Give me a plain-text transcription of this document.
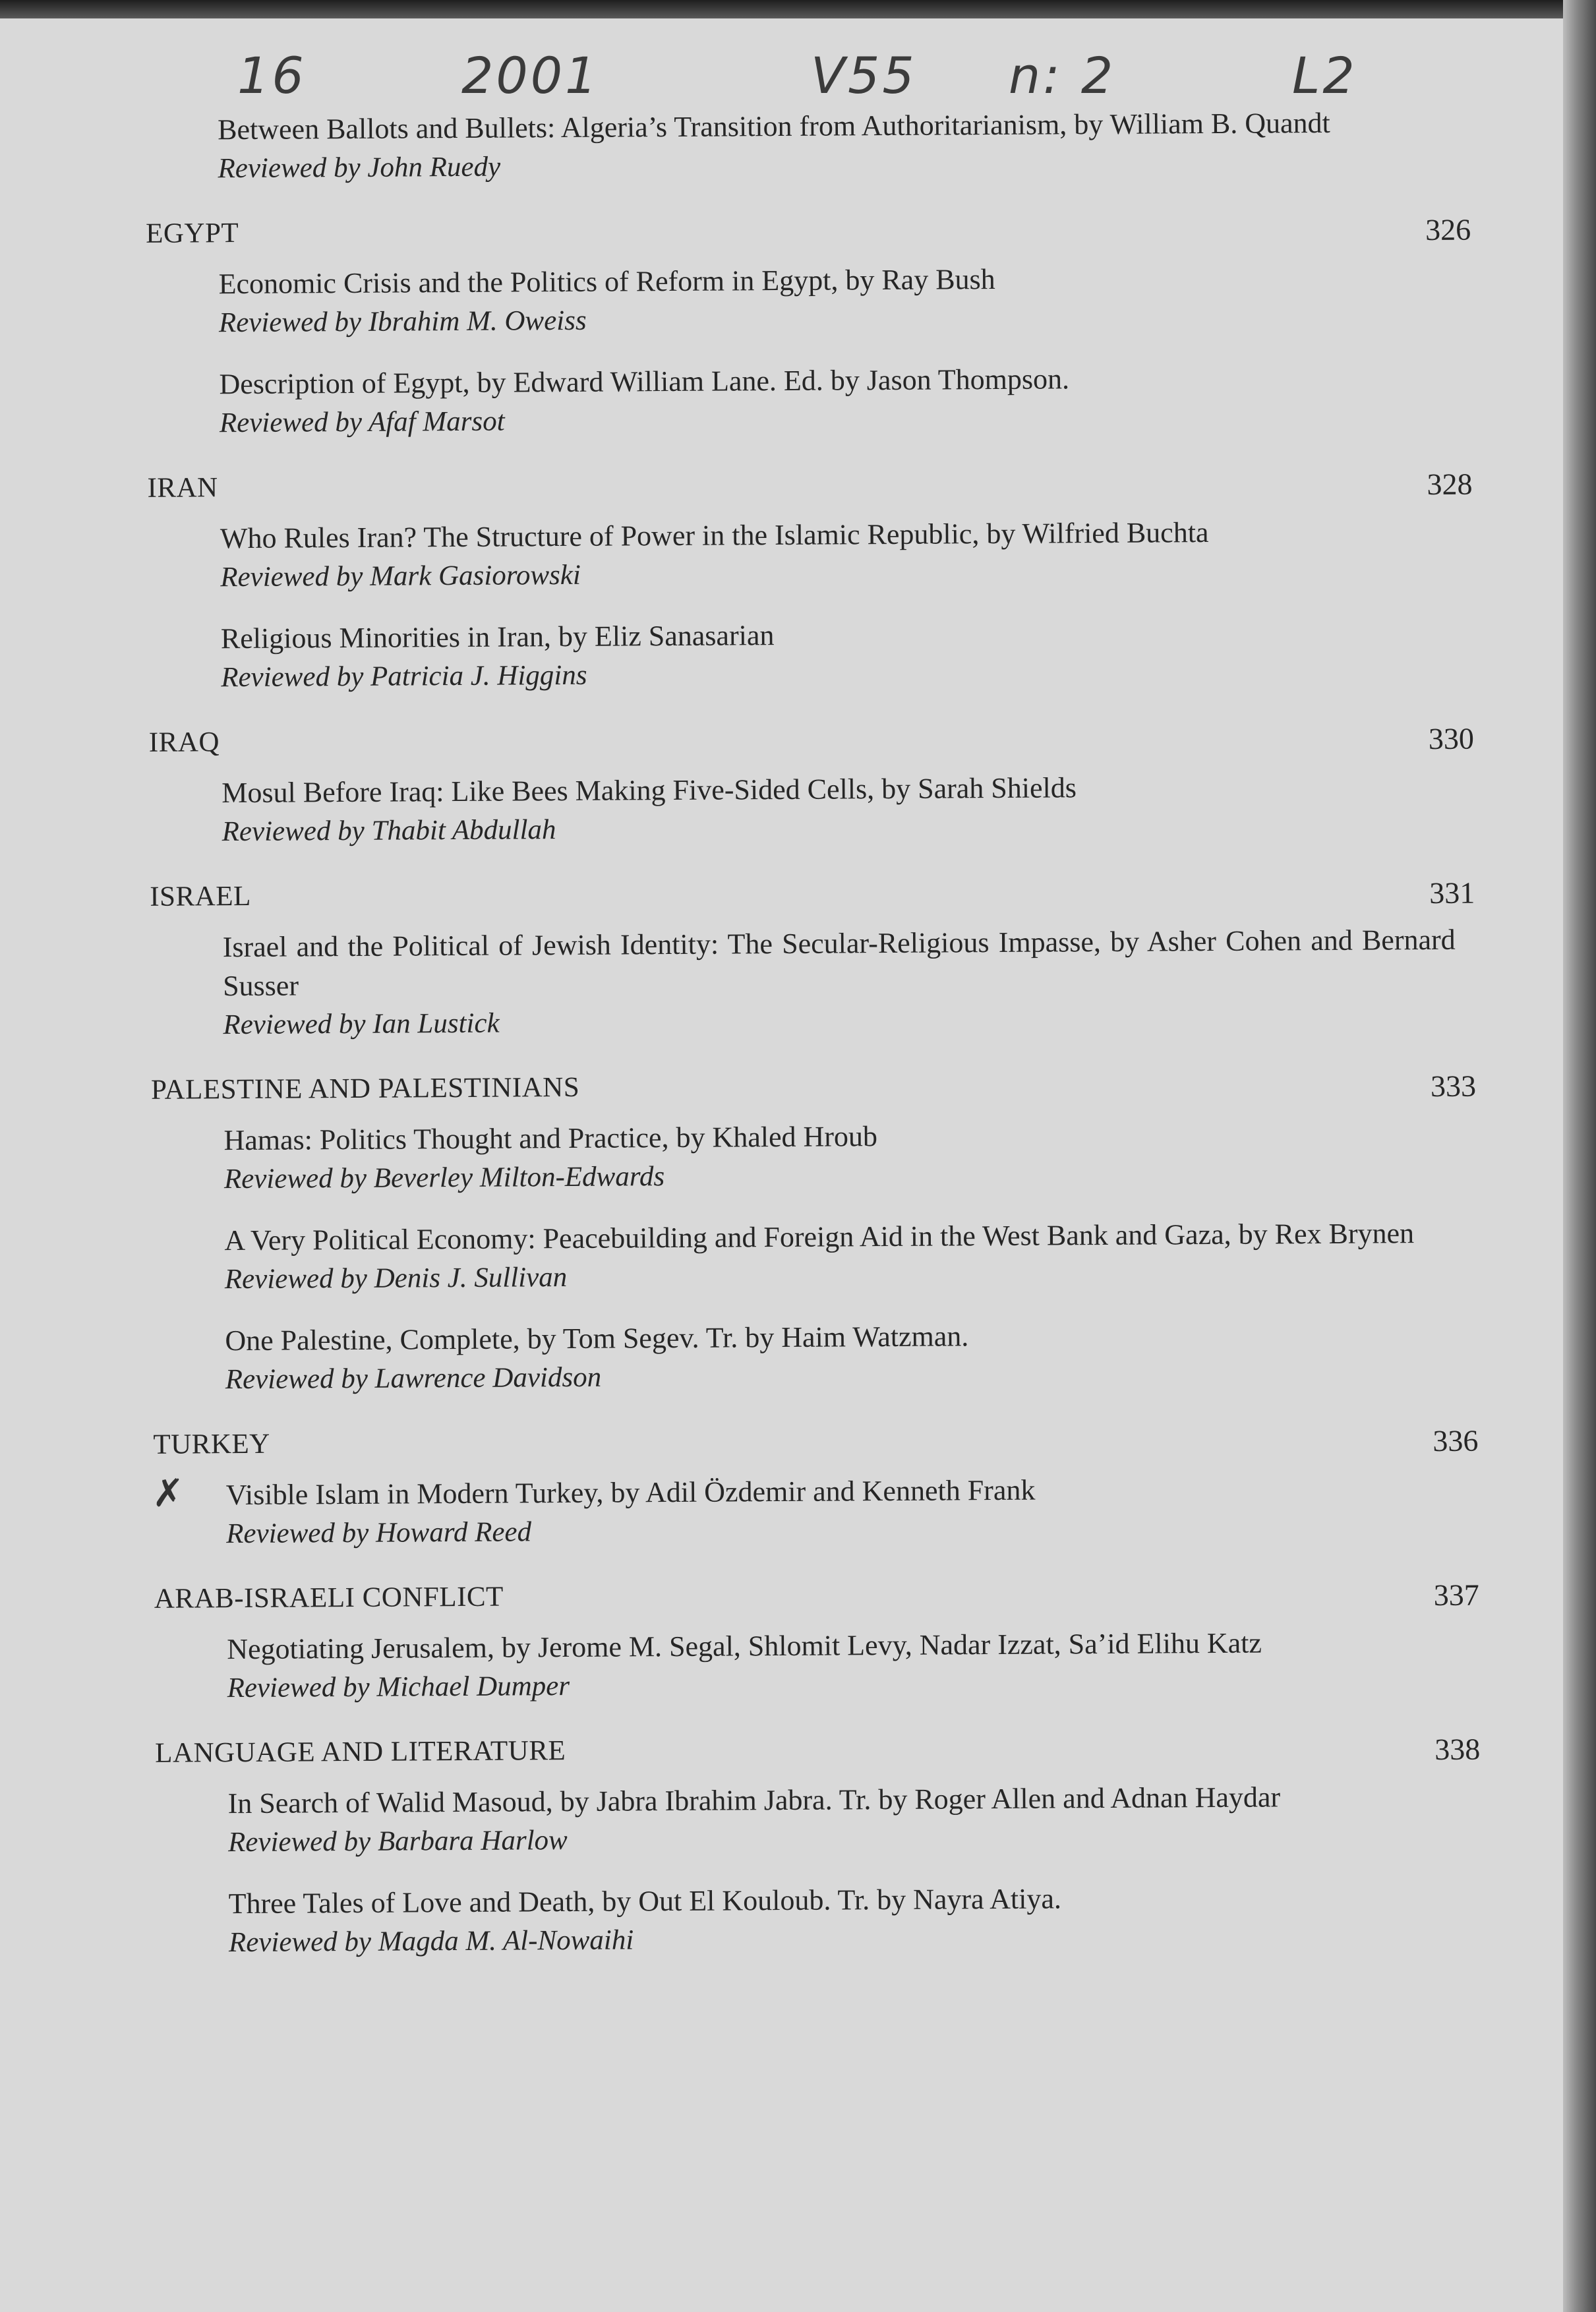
16	2001	V55 n: 2	L2
Between Ballots and Bullets: Algeria’s Transition from Authoritarianism, by William B. Quandt
Reviewed by John Ruedy
EGYPT	326
Economic Crisis and the Politics of Reform in Egypt, by Ray Bush
Reviewed by Ibrahim M. Oweiss
Description of Egypt, by Edward William Lane. Ed. by Jason Thompson.
Reviewed by Afaf Marsot
IRAN	328
Who Rules Iran? The Structure of Power in the Islamic Republic, by Wilfried Buchta
Reviewed by Mark Gasiorowski
Religious Minorities in Iran, by Eliz Sanasarian
Reviewed by Patricia J. Higgins
IRAQ	330
Mosul Before Iraq: Like Bees Making Five-Sided Cells, by Sarah Shields
Reviewed by Thabit Abdullah
ISRAEL	331
Israel and the Political of Jewish Identity: The Secular-Religious Impasse, by Asher Cohen and Bernard Susser
Reviewed by Ian Lustick
PALESTINE AND PALESTINIANS	333
Hamas: Politics Thought and Practice, by Khaled Hroub
Reviewed by Beverley Milton-Edwards
A Very Political Economy: Peacebuilding and Foreign Aid in the West Bank and Gaza, by Rex Brynen
Reviewed by Denis J. Sullivan
One Palestine, Complete, by Tom Segev. Tr. by Haim Watzman.
Reviewed by Lawrence Davidson
TURKEY	336
✗ Visible Islam in Modern Turkey, by Adil Özdemir and Kenneth Frank
Reviewed by Howard Reed
ARAB-ISRAELI CONFLICT	337
Negotiating Jerusalem, by Jerome M. Segal, Shlomit Levy, Nadar Izzat, Sa’id Elihu Katz
Reviewed by Michael Dumper
LANGUAGE AND LITERATURE	338
In Search of Walid Masoud, by Jabra Ibrahim Jabra. Tr. by Roger Allen and Adnan Haydar
Reviewed by Barbara Harlow
Three Tales of Love and Death, by Out El Kouloub. Tr. by Nayra Atiya.
Reviewed by Magda M. Al-Nowaihi
